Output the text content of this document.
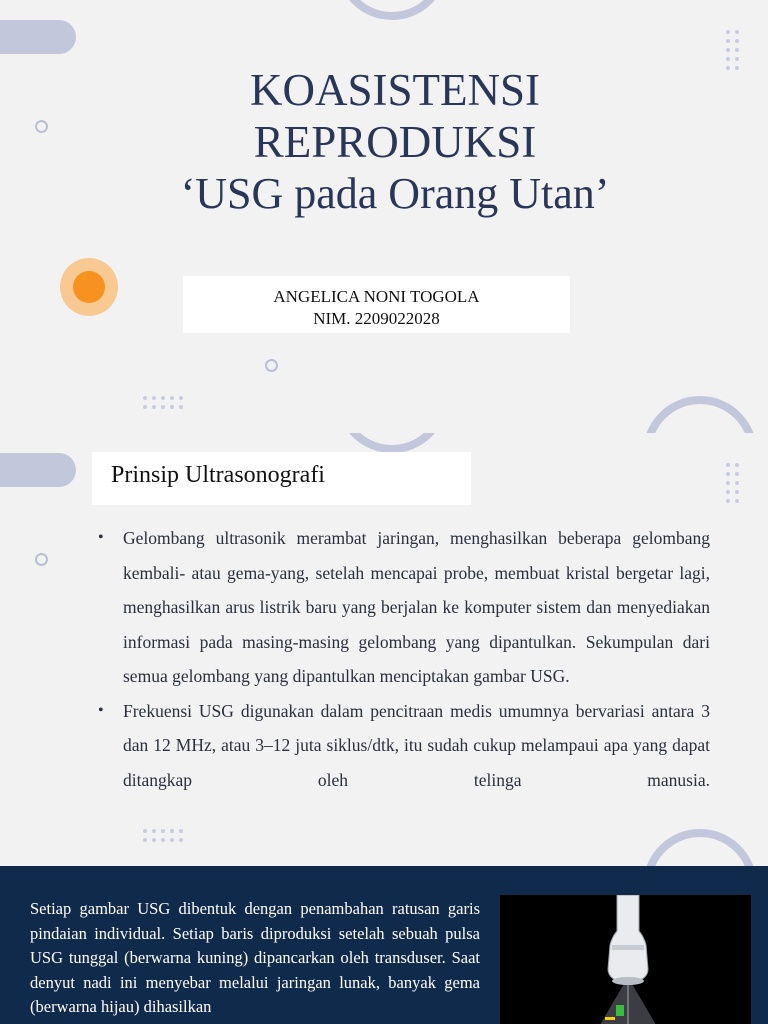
KOASISTENSI
REPRODUKSI
‘USG pada Orang Utan’
ANGELICA NONI TOGOLA
NIM. 2209022028
Prinsip Ultrasonografi
• Gelombang ultrasonik merambat jaringan, menghasilkan beberapa gelombang kembali- atau gema-yang, setelah mencapai probe, membuat kristal bergetar lagi, menghasilkan arus listrik baru yang berjalan ke komputer sistem dan menyediakan informasi pada masing-masing gelombang yang dipantulkan. Sekumpulan dari semua gelombang yang dipantulkan menciptakan gambar USG.
• Frekuensi USG digunakan dalam pencitraan medis umumnya bervariasi antara 3 dan 12 MHz, atau 3–12 juta siklus/dtk, itu sudah cukup melampaui apa yang dapat ditangkap oleh telinga manusia.

Setiap gambar USG dibentuk dengan penambahan ratusan garis pindaian individual. Setiap baris diproduksi setelah sebuah pulsa USG tunggal (berwarna kuning) dipancarkan oleh transduser. Saat denyut nadi ini menyebar melalui jaringan lunak, banyak gema (berwarna hijau) dihasilkan
